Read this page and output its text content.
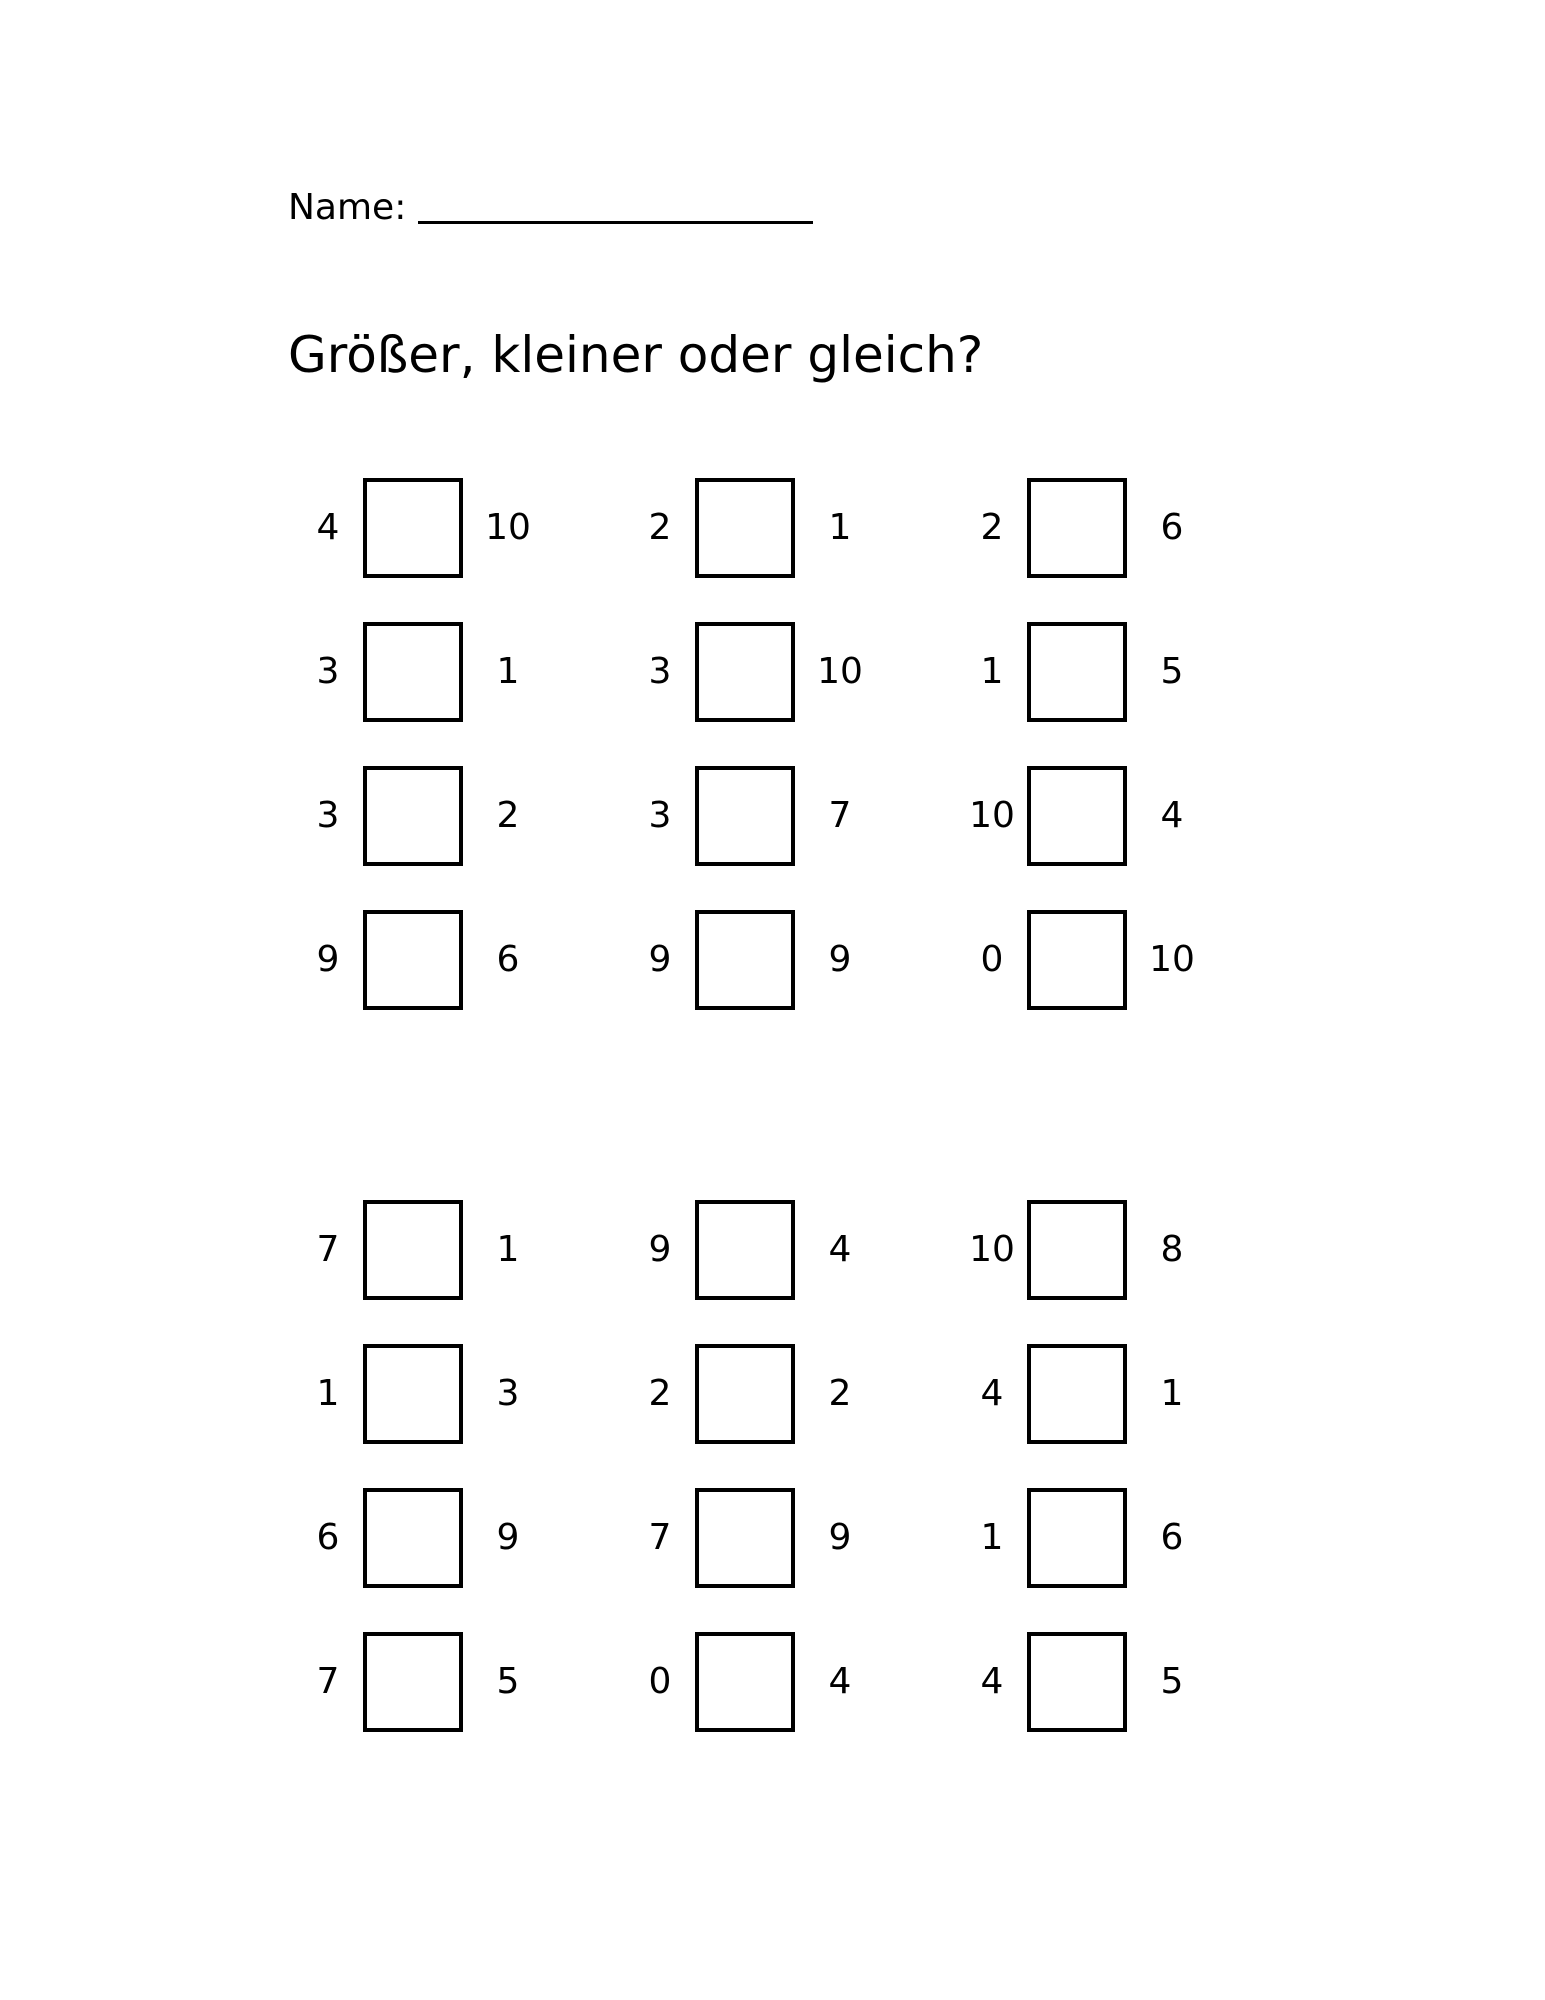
Name:
Größer, kleiner oder gleich?
4	10	2	1	2	6
3	1	3	10	1	5
3	2	3	7	10	4
9	6	9	9	0	10
7	1	9	4	10	8
1	3	2	2	4	1
6	9	7	9	1	6
7	5	0	4	4	5
